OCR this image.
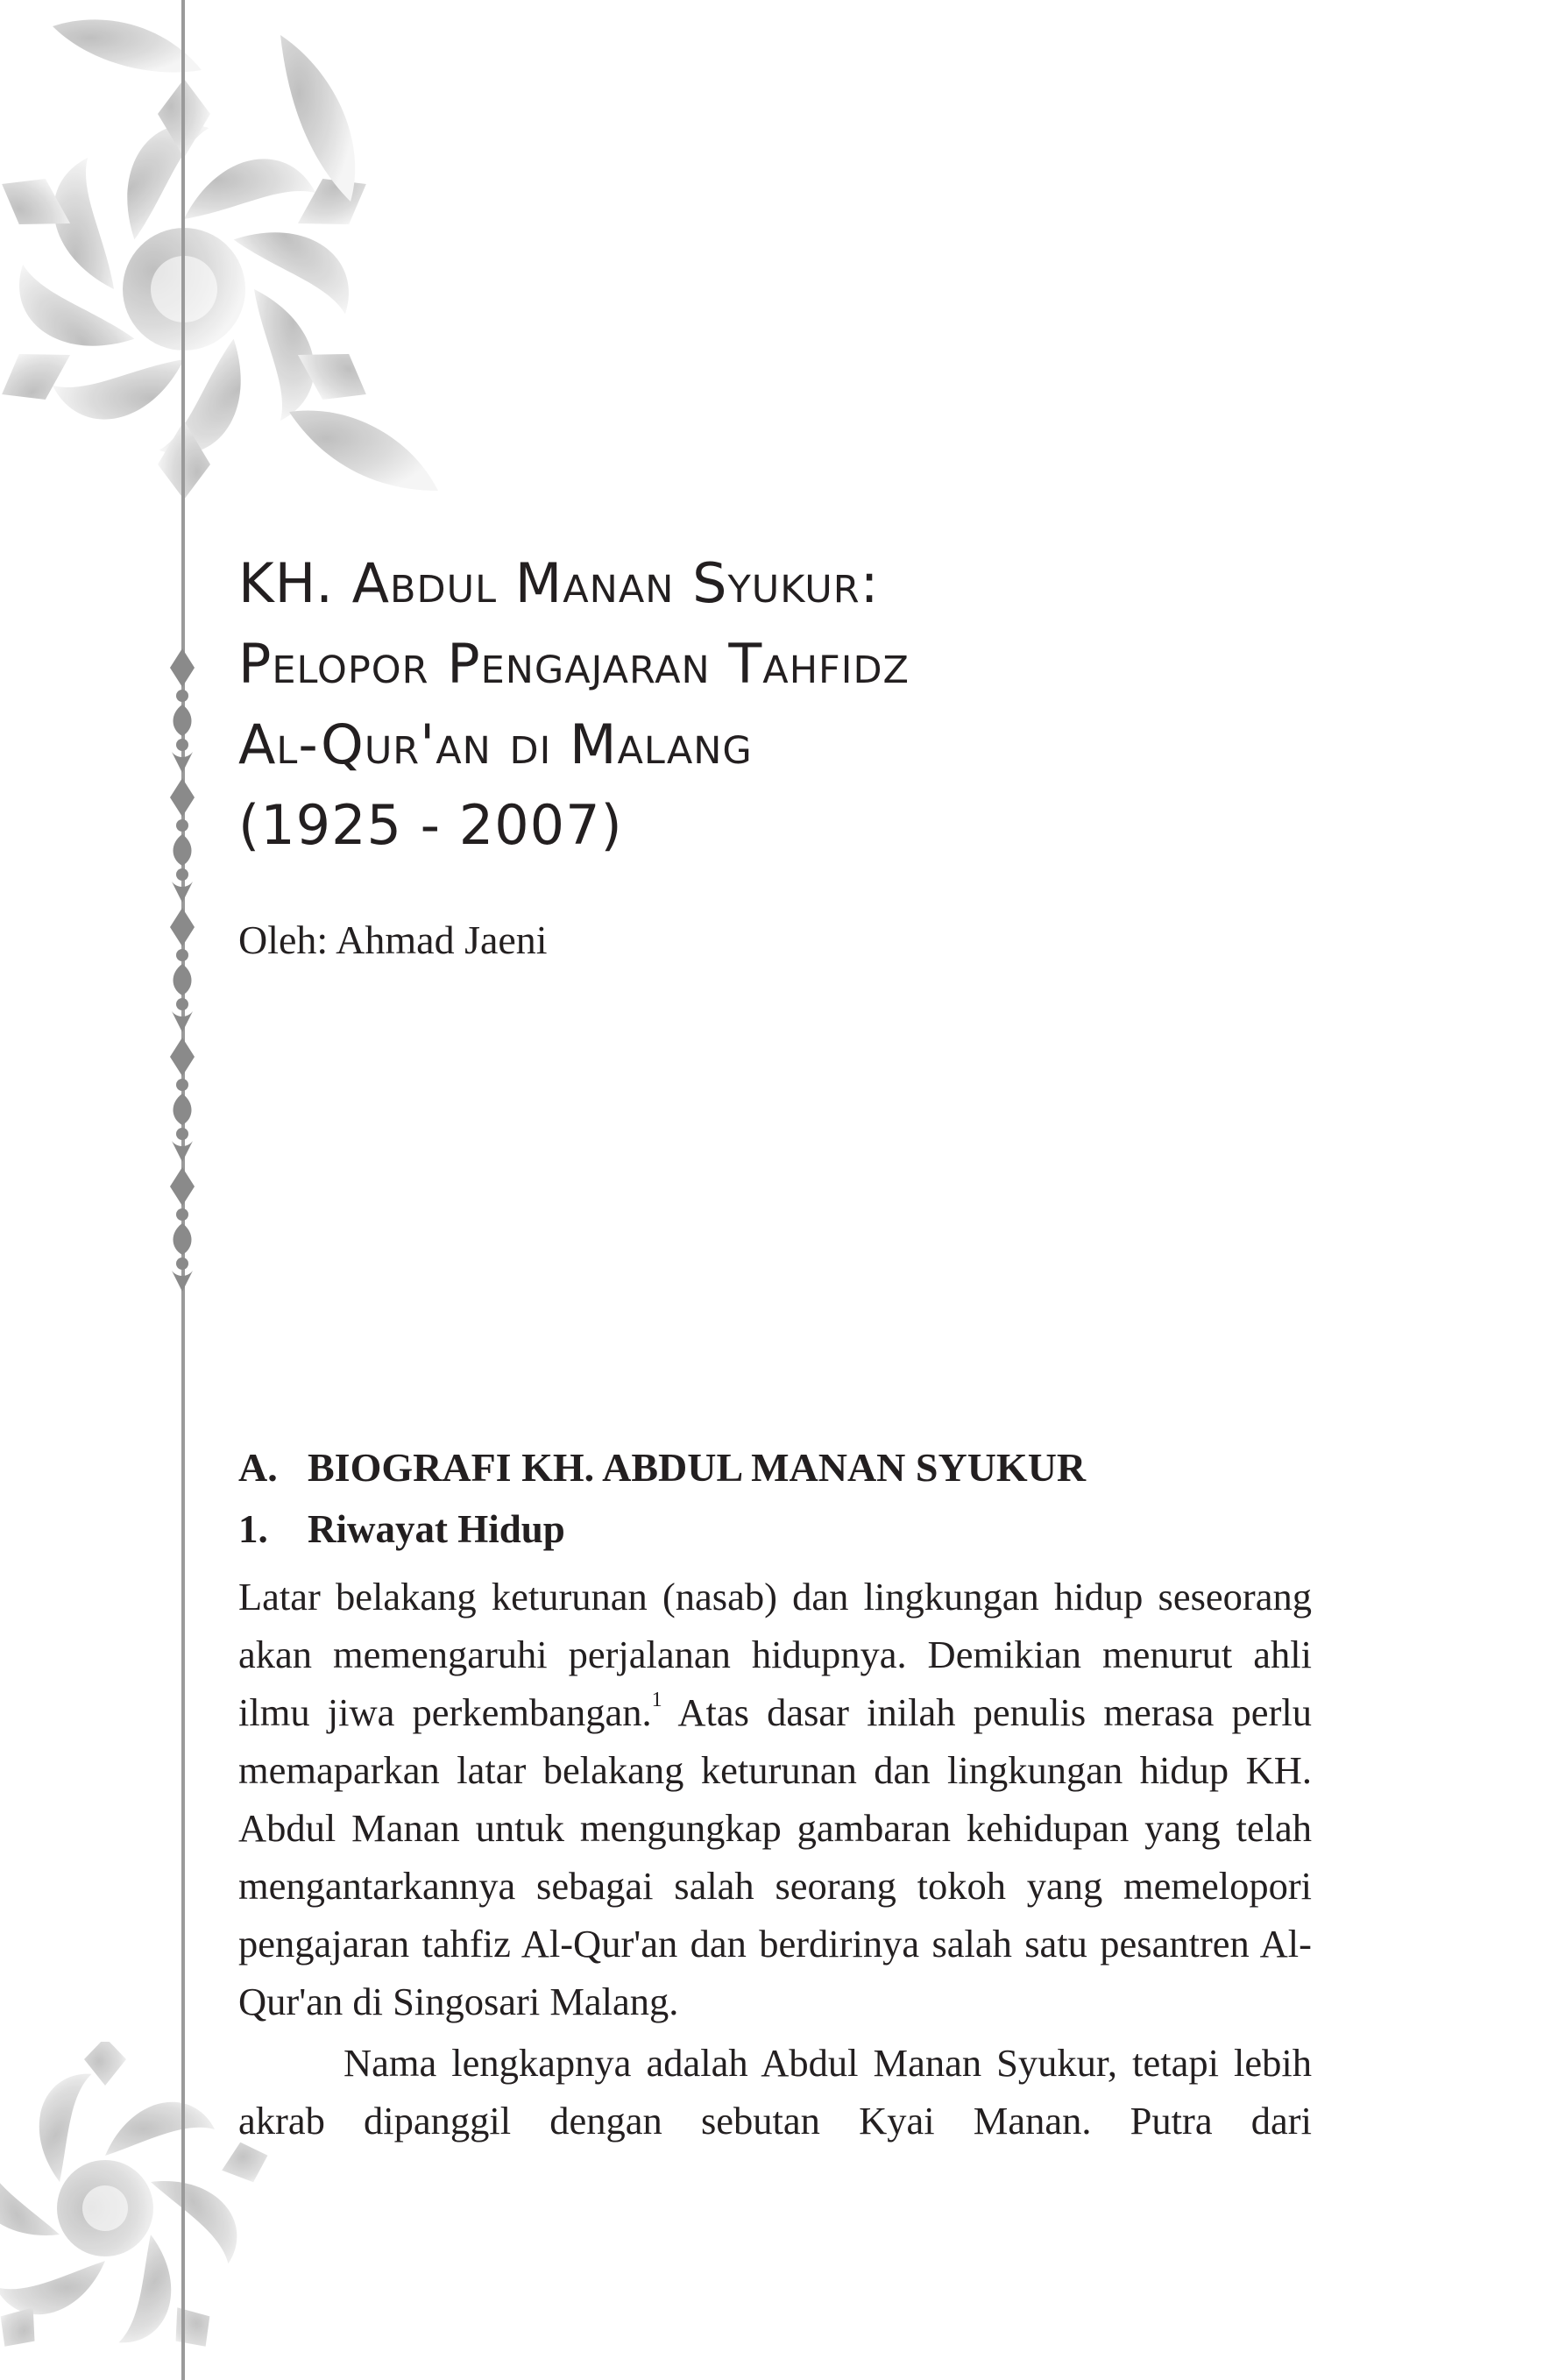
KH. Abdul Manan Syukur:
Pelopor Pengajaran Tahfidz
Al-Qur'an di Malang
(1925 - 2007)
Oleh: Ahmad Jaeni
A. BIOGRAFI KH. ABDUL MANAN SYUKUR
1. Riwayat Hidup

Latar belakang keturunan (nasab) dan lingkungan hidup seseorang akan memengaruhi perjalanan hidupnya. Demikian menurut ahli ilmu jiwa perkembangan.$^1$ Atas dasar inilah penulis merasa perlu memaparkan latar belakang keturunan dan lingkungan hidup KH. Abdul Manan untuk mengungkap gambaran kehidupan yang telah mengantarkannya sebagai salah seorang tokoh yang memelopori pengajaran tahfiz Al-Qur'an dan berdirinya salah satu pesantren Al-Qur'an di Singosari Malang.

Nama lengkapnya adalah Abdul Manan Syukur, tetapi lebih akrab dipanggil dengan sebutan Kyai Manan. Putra dari
